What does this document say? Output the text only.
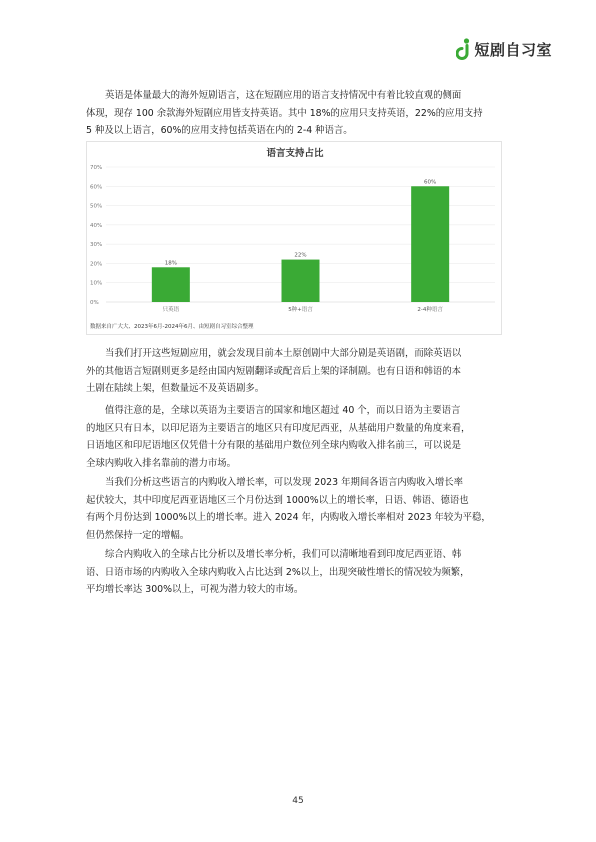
短剧自习室
英语是体量最大的海外短剧语言，这在短剧应用的语言支持情况中有着比较直观的侧面
体现，现存 100 余款海外短剧应用皆支持英语。其中 18%的应用只支持英语，22%的应用支持
5 种及以上语言，60%的应用支持包括英语在内的 2-4 种语言。
语言支持占比
0%
10%
20%
30%
40%
50%
60%
70%
18%
只英语
22%
5种+语言
60%
2-4种语言
数据来自广大大、2023年6月-2024年6月、由短剧自习室综合整理
当我们打开这些短剧应用，就会发现目前本土原创剧中大部分剧是英语剧，而除英语以
外的其他语言短剧则更多是经由国内短剧翻译或配音后上架的译制剧。也有日语和韩语的本
土剧在陆续上架，但数量远不及英语剧多。
值得注意的是，全球以英语为主要语言的国家和地区超过 40 个，而以日语为主要语言
的地区只有日本，以印尼语为主要语言的地区只有印度尼西亚，从基础用户数量的角度来看，
日语地区和印尼语地区仅凭借十分有限的基础用户数位列全球内购收入排名前三，可以说是
全球内购收入排名靠前的潜力市场。
当我们分析这些语言的内购收入增长率，可以发现 2023 年期间各语言内购收入增长率
起伏较大，其中印度尼西亚语地区三个月份达到 1000%以上的增长率，日语、韩语、德语也
有两个月份达到 1000%以上的增长率。进入 2024 年，内购收入增长率相对 2023 年较为平稳，
但仍然保持一定的增幅。
综合内购收入的全球占比分析以及增长率分析，我们可以清晰地看到印度尼西亚语、韩
语、日语市场的内购收入全球内购收入占比达到 2%以上，出现突破性增长的情况较为频繁，
平均增长率达 300%以上，可视为潜力较大的市场。
45
